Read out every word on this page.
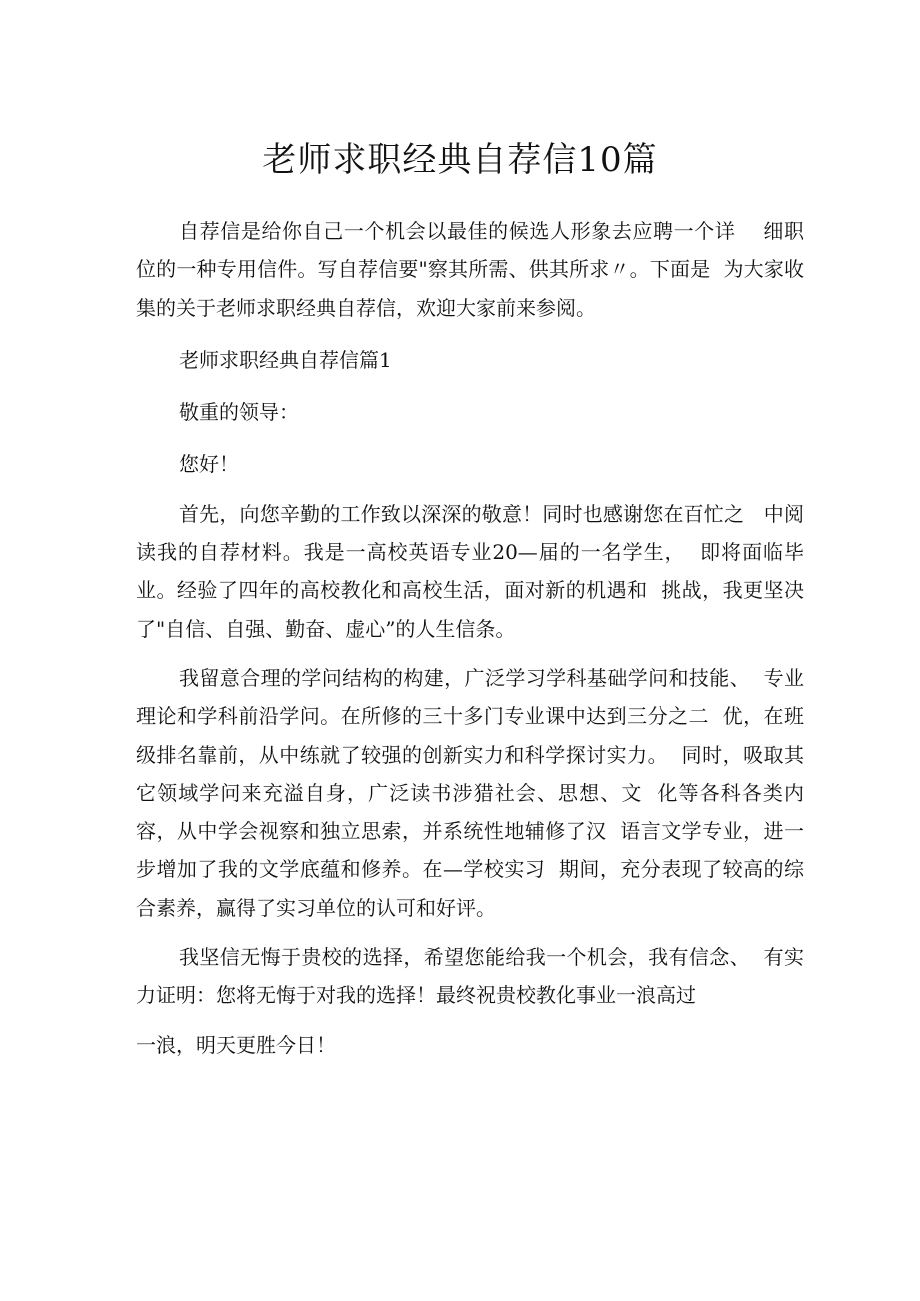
老师求职经典自荐信10篇

自荐信是给你自己一个机会以最佳的候选人形象去应聘一个详    细职位的一种专用信件。写自荐信要"察其所需、供其所求〃。下面是  为大家收集的关于老师求职经典自荐信，欢迎大家前来参阅。

老师求职经典自荐信篇1

敬重的领导：

您好！

首先，向您辛勤的工作致以深深的敬意！同时也感谢您在百忙之   中阅读我的自荐材料。我是一高校英语专业20—届的一名学生，  即将面临毕业。经验了四年的高校教化和高校生活，面对新的机遇和  挑战，我更坚决了"自信、自强、勤奋、虚心”的人生信条。

我留意合理的学问结构的构建，广泛学习学科基础学问和技能、  专业理论和学科前沿学问。在所修的三十多门专业课中达到三分之二  优，在班级排名靠前，从中练就了较强的创新实力和科学探讨实力。  同时，吸取其它领域学问来充溢自身，广泛读书涉猎社会、思想、文  化等各科各类内容，从中学会视察和独立思索，并系统性地辅修了汉  语言文学专业，进一步增加了我的文学底蕴和修养。在—学校实习  期间，充分表现了较高的综合素养，赢得了实习单位的认可和好评。

我坚信无悔于贵校的选择，希望您能给我一个机会，我有信念、  有实力证明：您将无悔于对我的选择！最终祝贵校教化事业一浪高过

一浪，明天更胜今日！
